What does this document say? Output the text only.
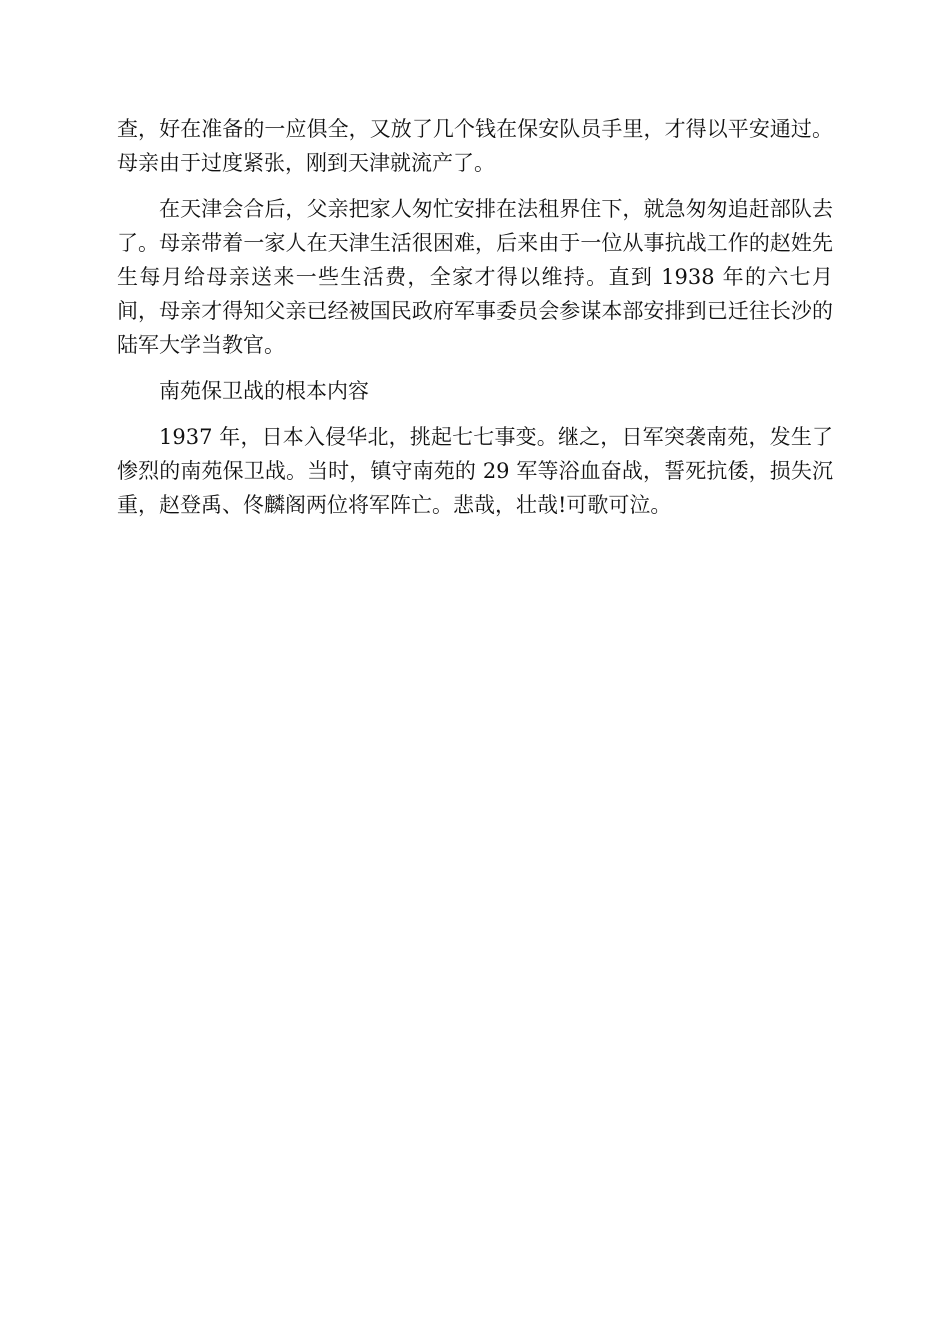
查，好在准备的一应俱全，又放了几个钱在保安队员手里，才得以平安通过。母亲由于过度紧张，刚到天津就流产了。

在天津会合后，父亲把家人匆忙安排在法租界住下，就急匆匆追赶部队去了。母亲带着一家人在天津生活很困难，后来由于一位从事抗战工作的赵姓先生每月给母亲送来一些生活费，全家才得以维持。直到 1938 年的六七月间，母亲才得知父亲已经被国民政府军事委员会参谋本部安排到已迁往长沙的陆军大学当教官。

南苑保卫战的根本内容

1937 年，日本入侵华北，挑起七七事变。继之，日军突袭南苑，发生了惨烈的南苑保卫战。当时，镇守南苑的 29 军等浴血奋战，誓死抗倭，损失沉重，赵登禹、佟麟阁两位将军阵亡。悲哉，壮哉!可歌可泣。
